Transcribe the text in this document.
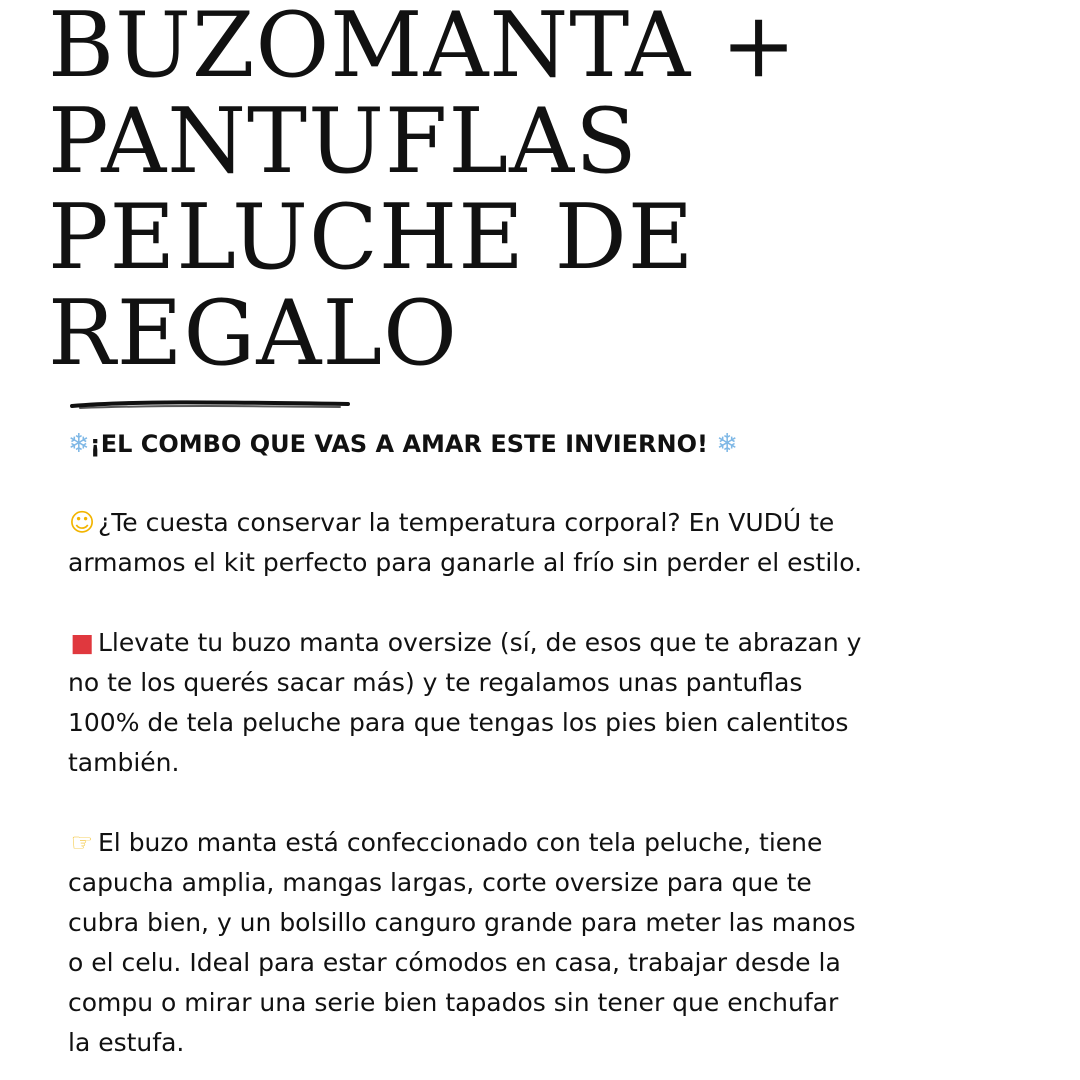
BUZOMANTA +
PANTUFLAS
PELUCHE DE
REGALO

❄¡EL COMBO QUE VAS A AMAR ESTE INVIERNO! ❄

☺ ¿Te cuesta conservar la temperatura corporal? En VUDÚ te
armamos el kit perfecto para ganarle al frío sin perder el estilo.

■ Llevate tu buzo manta oversize (sí, de esos que te abrazan y
no te los querés sacar más) y te regalamos unas pantuflas
100% de tela peluche para que tengas los pies bien calentitos
también.

☞ El buzo manta está confeccionado con tela peluche, tiene
capucha amplia, mangas largas, corte oversize para que te
cubra bien, y un bolsillo canguro grande para meter las manos
o el celu. Ideal para estar cómodos en casa, trabajar desde la
compu o mirar una serie bien tapados sin tener que enchufar
la estufa.
